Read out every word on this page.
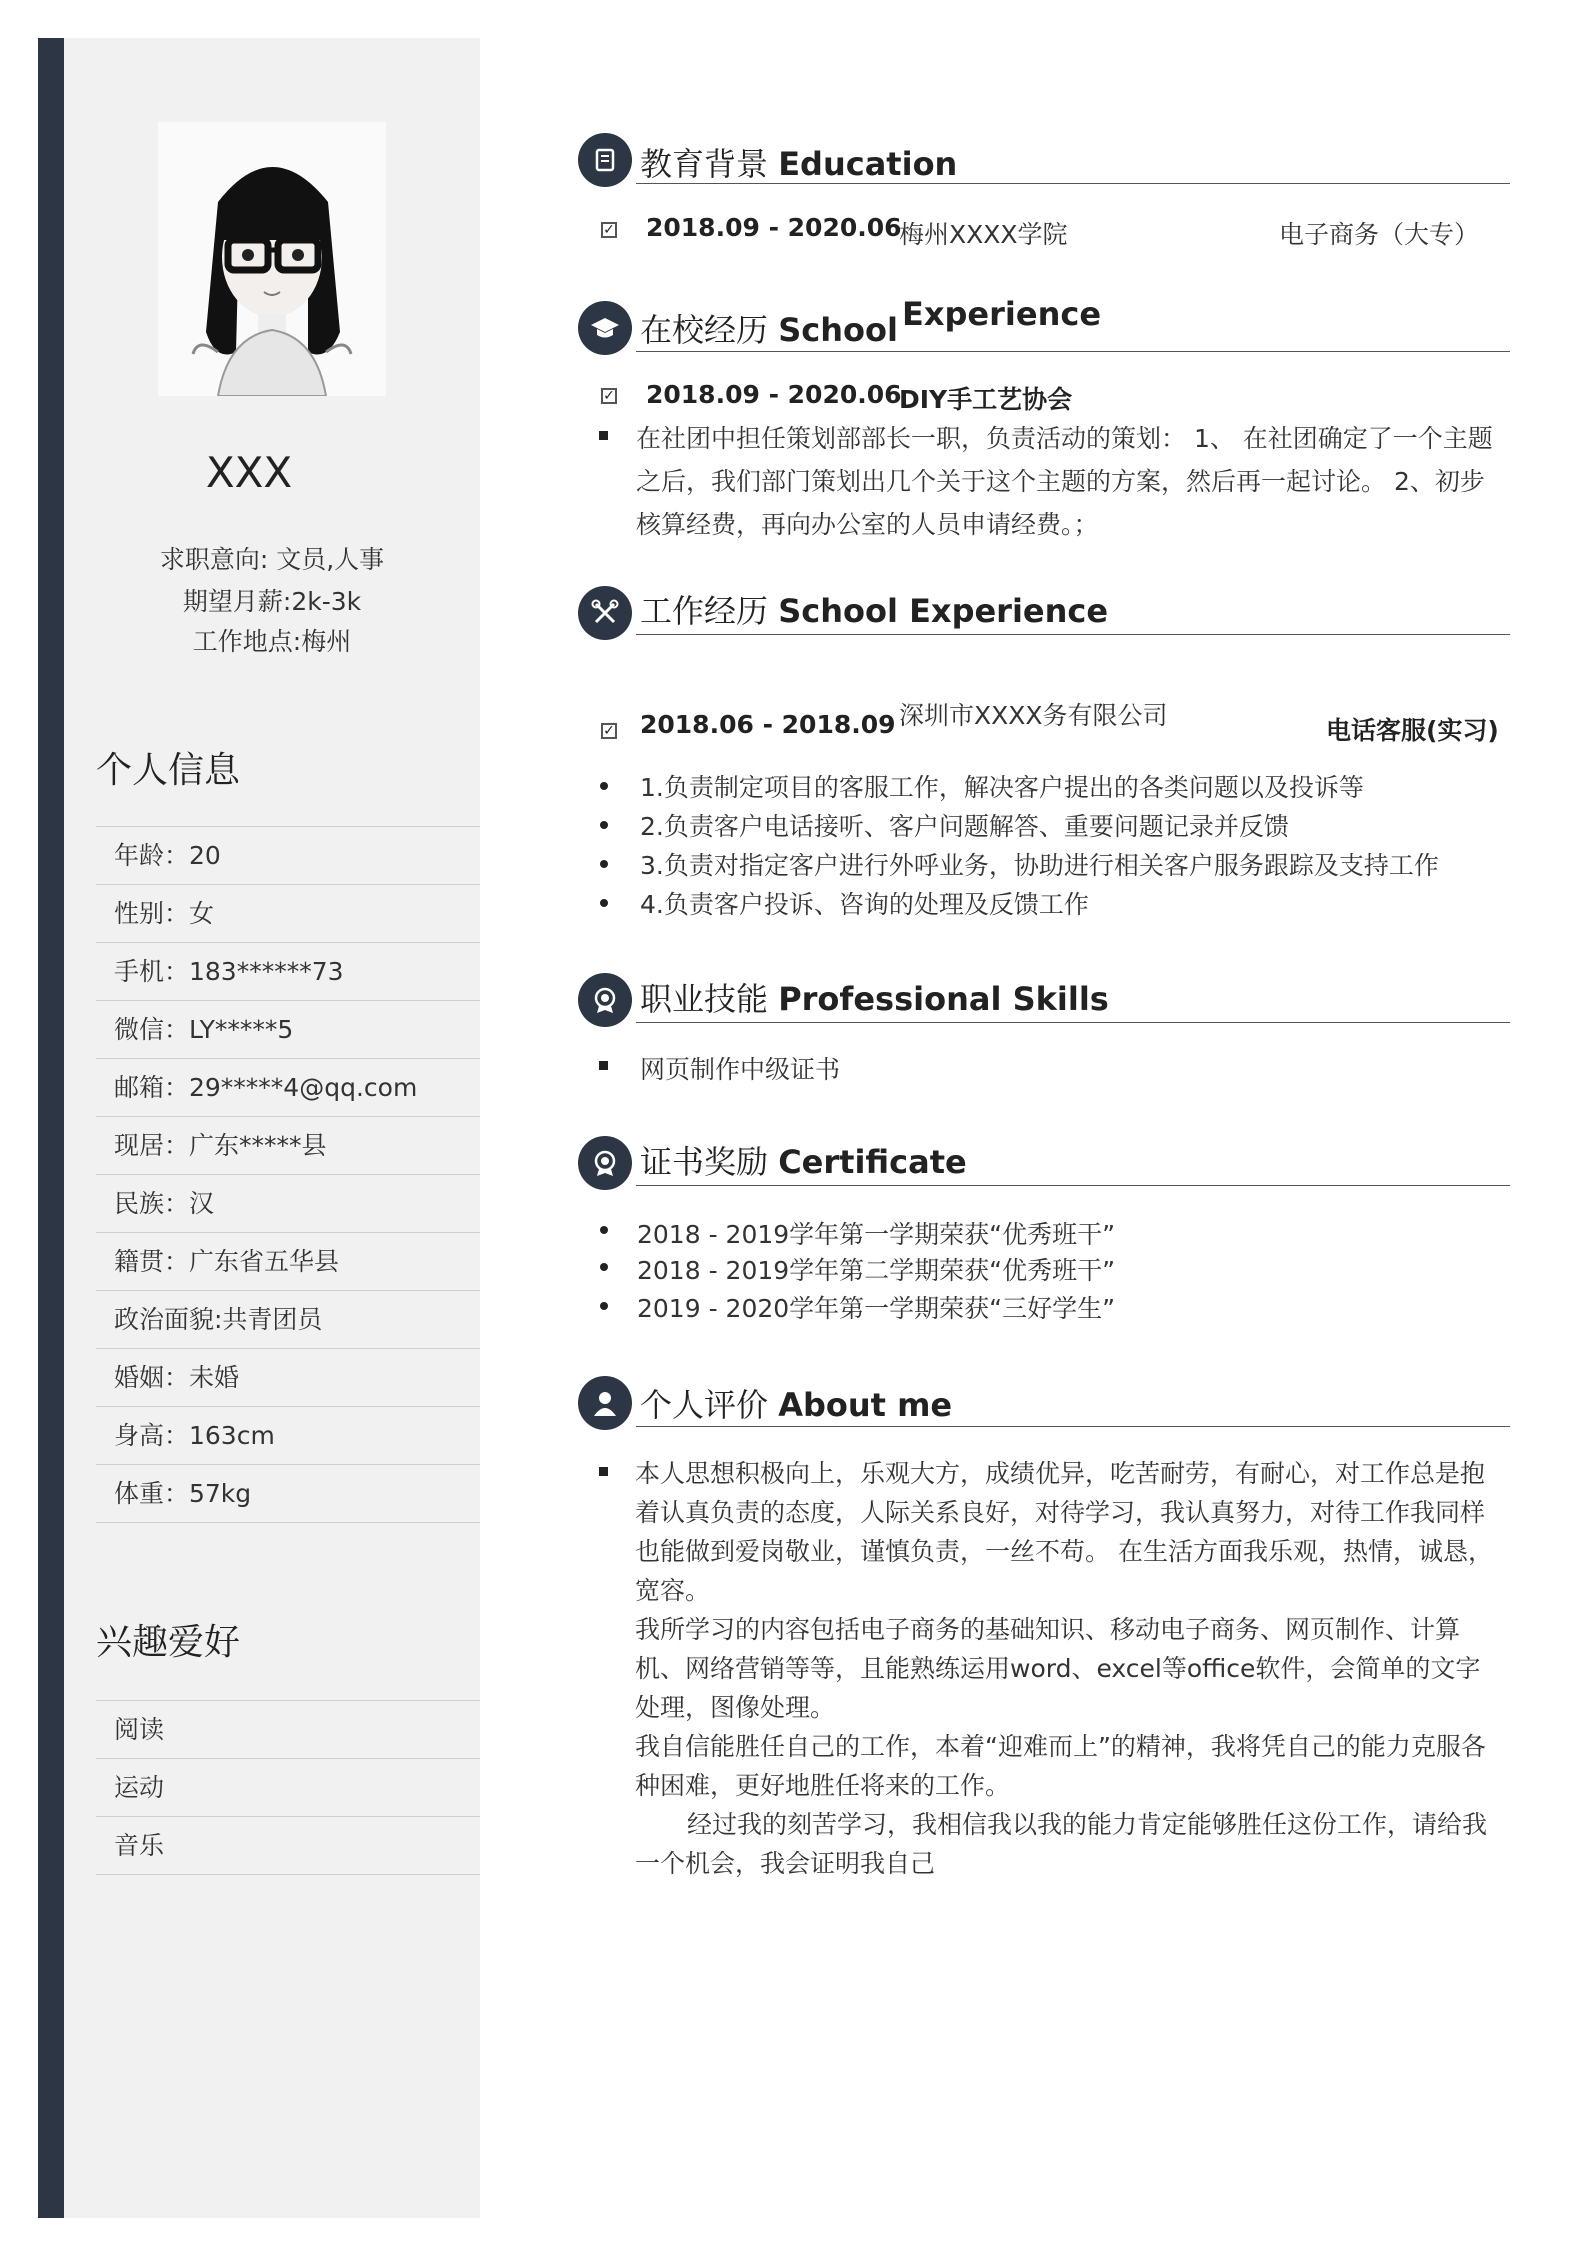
XXX
求职意向: 文员,人事
期望月薪:2k-3k
工作地点:梅州
个人信息
年龄：20
性别：女
手机：183******73
微信：LY*****5
邮箱：29*****4@qq.com
现居：广东*****县
民族：汉
籍贯：广东省五华县
政治面貌:共青团员
婚姻：未婚
身高：163cm
体重：57kg
兴趣爱好
阅读
运动
音乐
教育背景 Education
✓ 2018.09 - 2020.06
梅州XXXX学院	电子商务（大专）
在校经历 School Experience
✓ 2018.09 - 2020.06
DIY手工艺协会
在社团中担任策划部部长一职，负责活动的策划： 1、 在社团确定了一个主题之后，我们部门策划出几个关于这个主题的方案，然后再一起讨论。 2、初步核算经费，再向办公室的人员申请经费。；
工作经历 School Experience
✓ 2018.06 - 2018.09 深圳市XXXX务有限公司
电话客服(实习)
1.负责制定项目的客服工作，解决客户提出的各类问题以及投诉等
2.负责客户电话接听、客户问题解答、重要问题记录并反馈
3.负责对指定客户进行外呼业务，协助进行相关客户服务跟踪及支持工作
4.负责客户投诉、咨询的处理及反馈工作
职业技能 Professional Skills
网页制作中级证书
证书奖励 Certificate
2018 - 2019学年第一学期荣获“优秀班干”
2018 - 2019学年第二学期荣获“优秀班干”
2019 - 2020学年第一学期荣获“三好学生”
个人评价 About me
本人思想积极向上，乐观大方，成绩优异，吃苦耐劳，有耐心，对工作总是抱着认真负责的态度，人际关系良好，对待学习，我认真努力，对待工作我同样也能做到爱岗敬业，谨慎负责，一丝不苟。 在生活方面我乐观，热情，诚恳，宽容。
我所学习的内容包括电子商务的基础知识、移动电子商务、网页制作、计算机、网络营销等等，且能熟练运用word、excel等office软件，会简单的文字处理，图像处理。
我自信能胜任自己的工作，本着“迎难而上”的精神，我将凭自己的能力克服各种困难，更好地胜任将来的工作。
经过我的刻苦学习，我相信我以我的能力肯定能够胜任这份工作，请给我一个机会，我会证明我自己
